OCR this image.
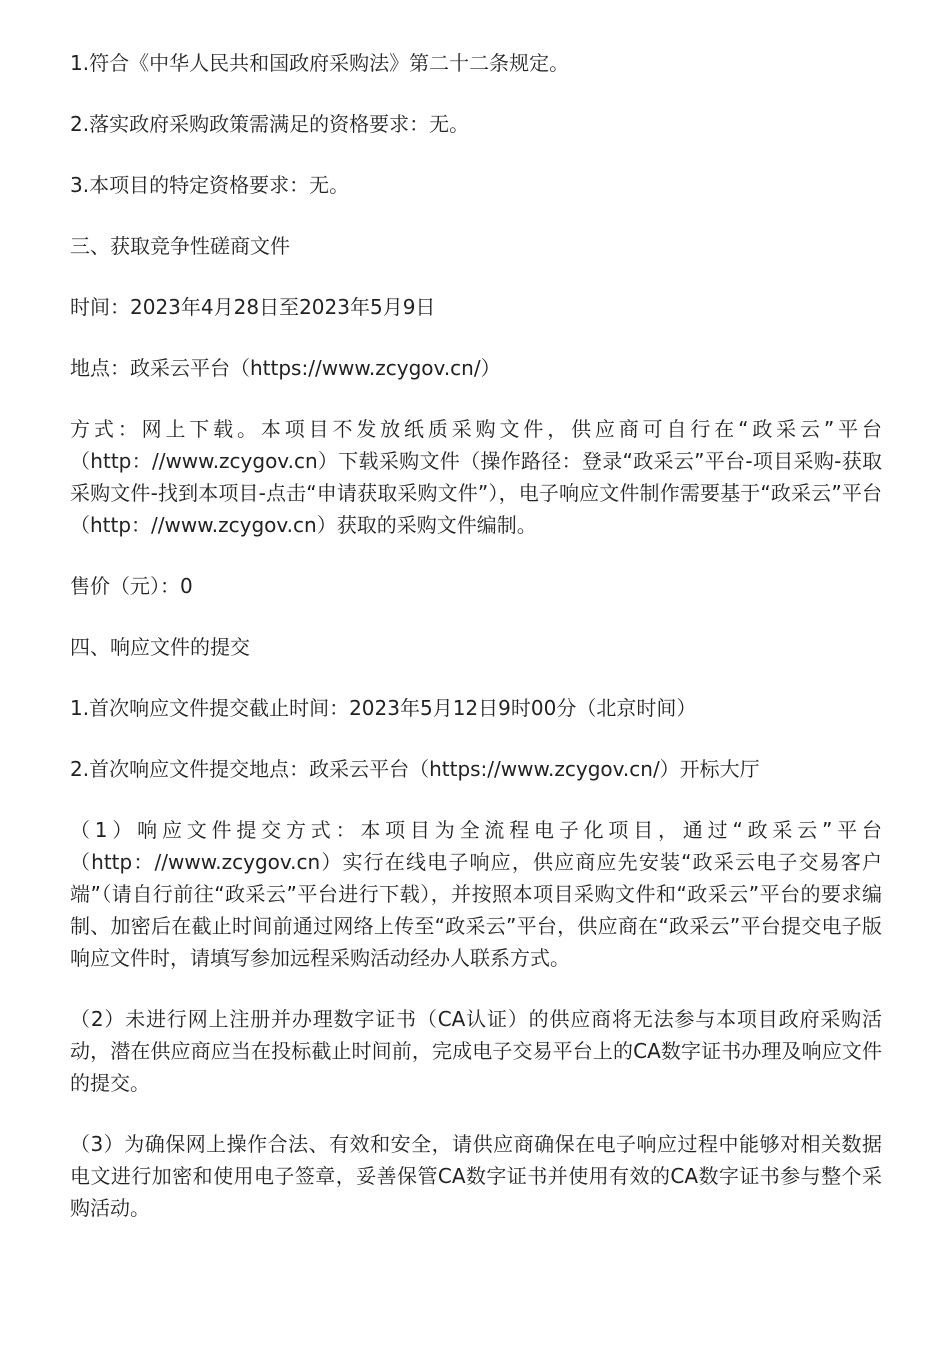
1.符合《中华人民共和国政府采购法》第二十二条规定。

2.落实政府采购政策需满足的资格要求：无。

3.本项目的特定资格要求：无。

三、获取竞争性磋商文件

时间：2023年4月28日至2023年5月9日

地点：政采云平台（https://www.zcygov.cn/）

方式：网上下载。本项目不发放纸质采购文件，供应商可自行在“政采云”平台（http：//www.zcygov.cn）下载采购文件（操作路径：登录“政采云”平台-项目采购-获取采购文件-找到本项目-点击“申请获取采购文件”），电子响应文件制作需要基于“政采云”平台（http：//www.zcygov.cn）获取的采购文件编制。

售价（元）：0

四、响应文件的提交

1.首次响应文件提交截止时间：2023年5月12日9时00分（北京时间）

2.首次响应文件提交地点：政采云平台（https://www.zcygov.cn/）开标大厅

（1）响应文件提交方式：本项目为全流程电子化项目，通过“政采云”平台（http：//www.zcygov.cn）实行在线电子响应，供应商应先安装“政采云电子交易客户端”（请自行前往“政采云”平台进行下载），并按照本项目采购文件和“政采云”平台的要求编制、加密后在截止时间前通过网络上传至“政采云”平台，供应商在“政采云”平台提交电子版响应文件时，请填写参加远程采购活动经办人联系方式。

（2）未进行网上注册并办理数字证书（CA认证）的供应商将无法参与本项目政府采购活动，潜在供应商应当在投标截止时间前，完成电子交易平台上的CA数字证书办理及响应文件的提交。

（3）为确保网上操作合法、有效和安全，请供应商确保在电子响应过程中能够对相关数据电文进行加密和使用电子签章，妥善保管CA数字证书并使用有效的CA数字证书参与整个采购活动。
